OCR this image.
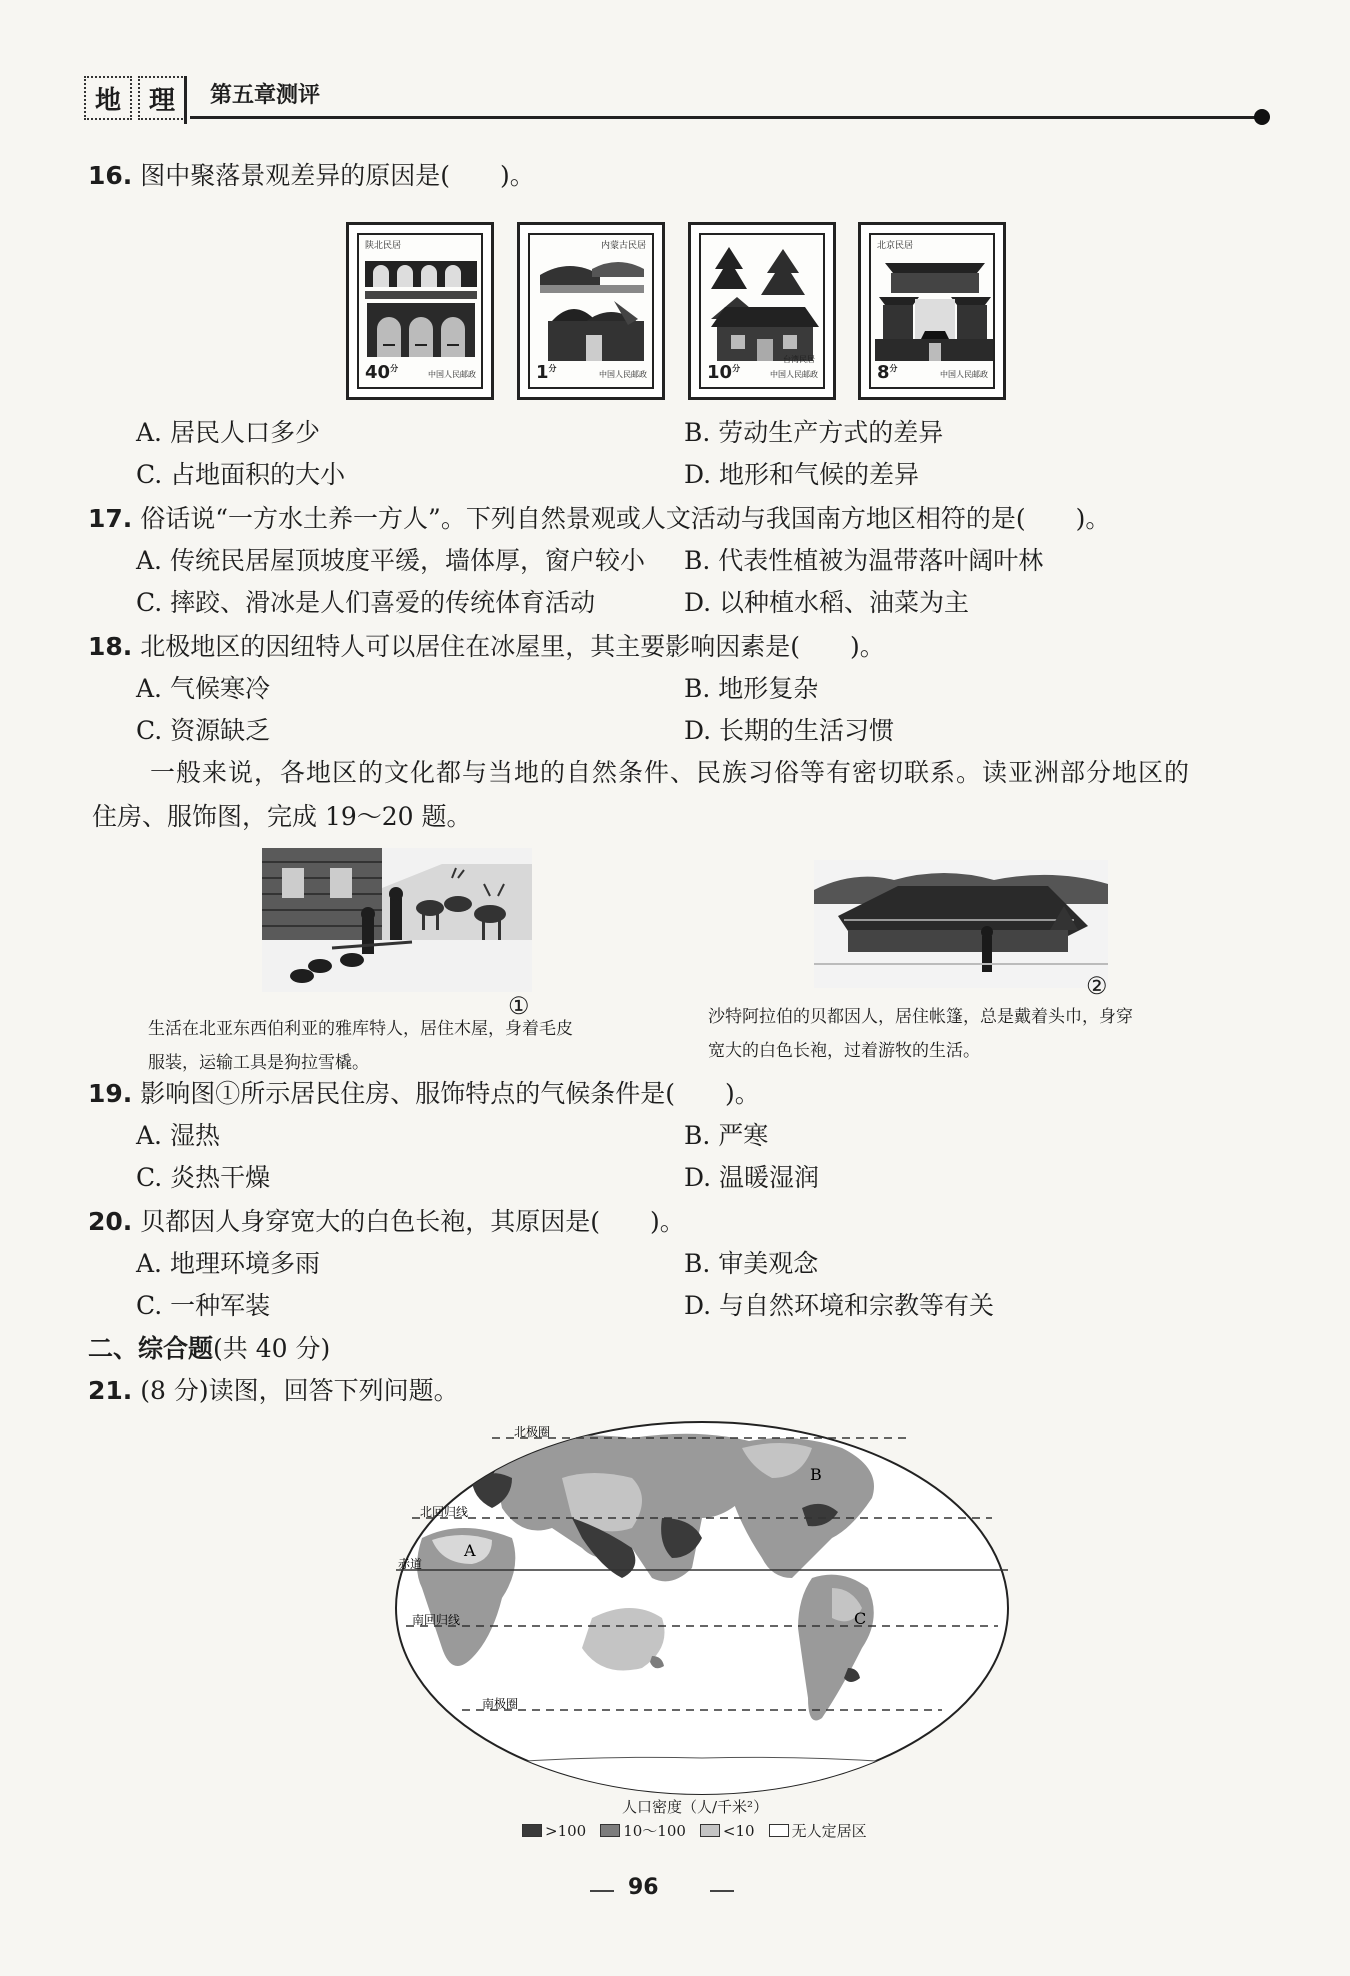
地	理	第五章测评
16. 图中聚落景观差异的原因是(　　)。
陕北民居
$40^分$
中国人民邮政
内蒙古民居
$1^分$
中国人民邮政	$10^分$
台湾民居
中国人民邮政
北京民居
$8^分$
中国人民邮政
A. 居民人口多少	B. 劳动生产方式的差异
C. 占地面积的大小	D. 地形和气候的差异
17. 俗话说“一方水土养一方人”。下列自然景观或人文活动与我国南方地区相符的是(　　)。
A. 传统民居屋顶坡度平缓，墙体厚，窗户较小 B. 代表性植被为温带落叶阔叶林
C. 摔跤、滑冰是人们喜爱的传统体育活动	D. 以种植水稻、油菜为主
18. 北极地区的因纽特人可以居住在冰屋里，其主要影响因素是(　　)。
A. 气候寒冷	B. 地形复杂
C. 资源缺乏	D. 长期的生活习惯
一般来说，各地区的文化都与当地的自然条件、民族习俗等有密切联系。读亚洲部分地区的
住房、服饰图，完成 19～20 题。
①
生活在北亚东西伯利亚的雅库特人，居住木屋，身着毛皮
服装，运输工具是狗拉雪橇。
②
沙特阿拉伯的贝都因人，居住帐篷，总是戴着头巾，身穿
宽大的白色长袍，过着游牧的生活。
19. 影响图①所示居民住房、服饰特点的气候条件是(　　)。
A. 湿热	B. 严寒
C. 炎热干燥	D. 温暖湿润
20. 贝都因人身穿宽大的白色长袍，其原因是(　　)。
A. 地理环境多雨	B. 审美观念
C. 一种军装	D. 与自然环境和宗教等有关
二、综合题(共 40 分)
21. (8 分)读图，回答下列问题。
北极圈
北回归线
赤道
南回归线
南极圈
A
B
C
人口密度（人/千米²）
>100 10～100 <10 无人定居区
96
